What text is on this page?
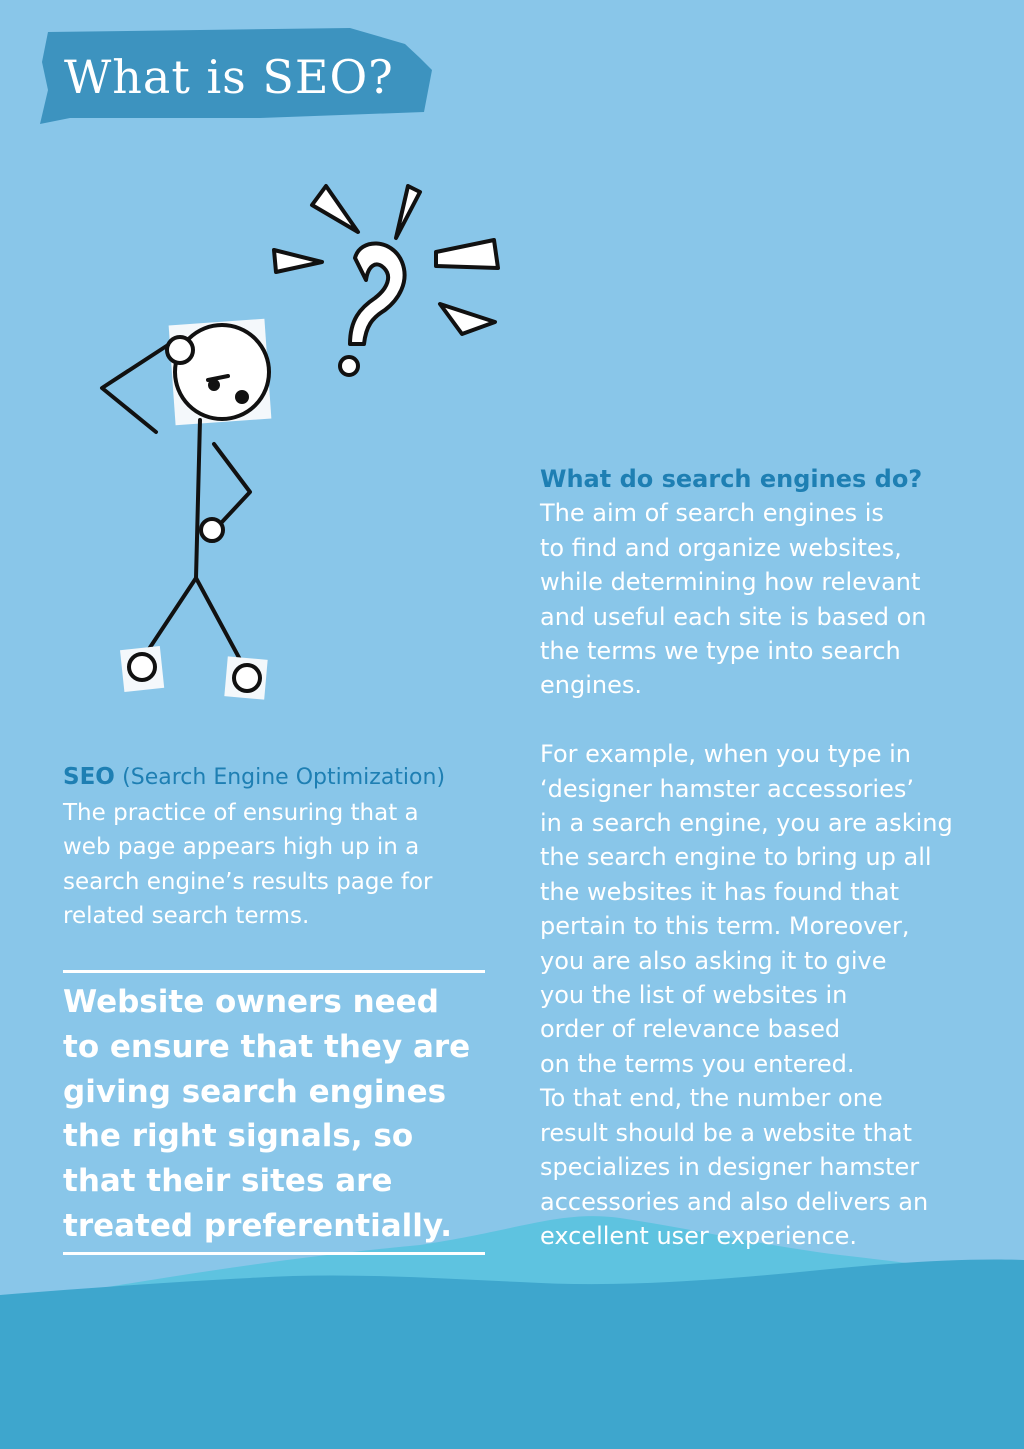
What is SEO?
SEO (Search Engine Optimization)
The practice of ensuring that a
web page appears high up in a
search engine’s results page for
related search terms.
Website owners need
to ensure that they are
giving search engines
the right signals, so
that their sites are
treated preferentially.
What do search engines do?
The aim of search engines is
to find and organize websites,
while determining how relevant
and useful each site is based on
the terms we type into search
engines.
For example, when you type in
‘designer hamster accessories’
in a search engine, you are asking
the search engine to bring up all
the websites it has found that
pertain to this term. Moreover,
you are also asking it to give
you the list of websites in
order of relevance based
on the terms you entered.
To that end, the number one
result should be a website that
specializes in designer hamster
accessories and also delivers an
excellent user experience.
